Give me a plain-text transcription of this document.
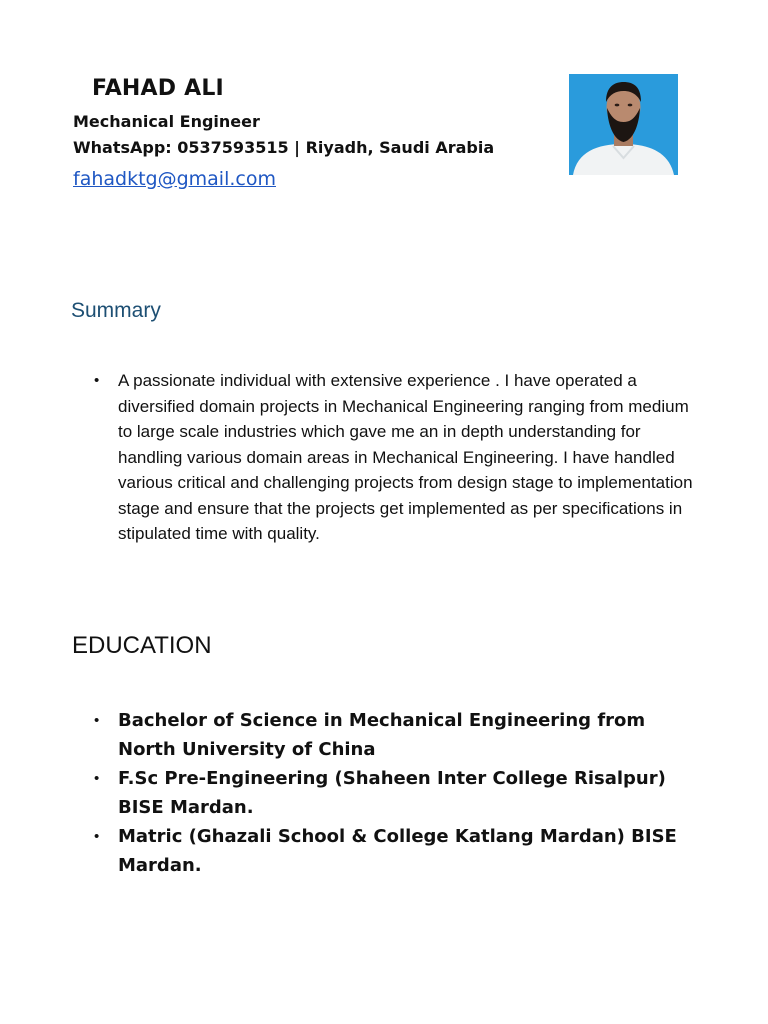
FAHAD ALI
Mechanical Engineer
WhatsApp: 0537593515 | Riyadh, Saudi Arabia
fahadktg@gmail.com
Summary
•	A passionate individual with extensive experience . I have operated a diversified domain projects in Mechanical Engineering ranging from medium to large scale industries which gave me an in depth understanding for handling various domain areas in Mechanical Engineering. I have handled various critical and challenging projects from design stage to implementation stage and ensure that the projects get implemented as per specifications in stipulated time with quality.
EDUCATION
•	Bachelor of Science in Mechanical Engineering from North University of China
•	F.Sc Pre-Engineering (Shaheen Inter College Risalpur) BISE Mardan.
•	Matric (Ghazali School & College Katlang Mardan) BISE Mardan.
